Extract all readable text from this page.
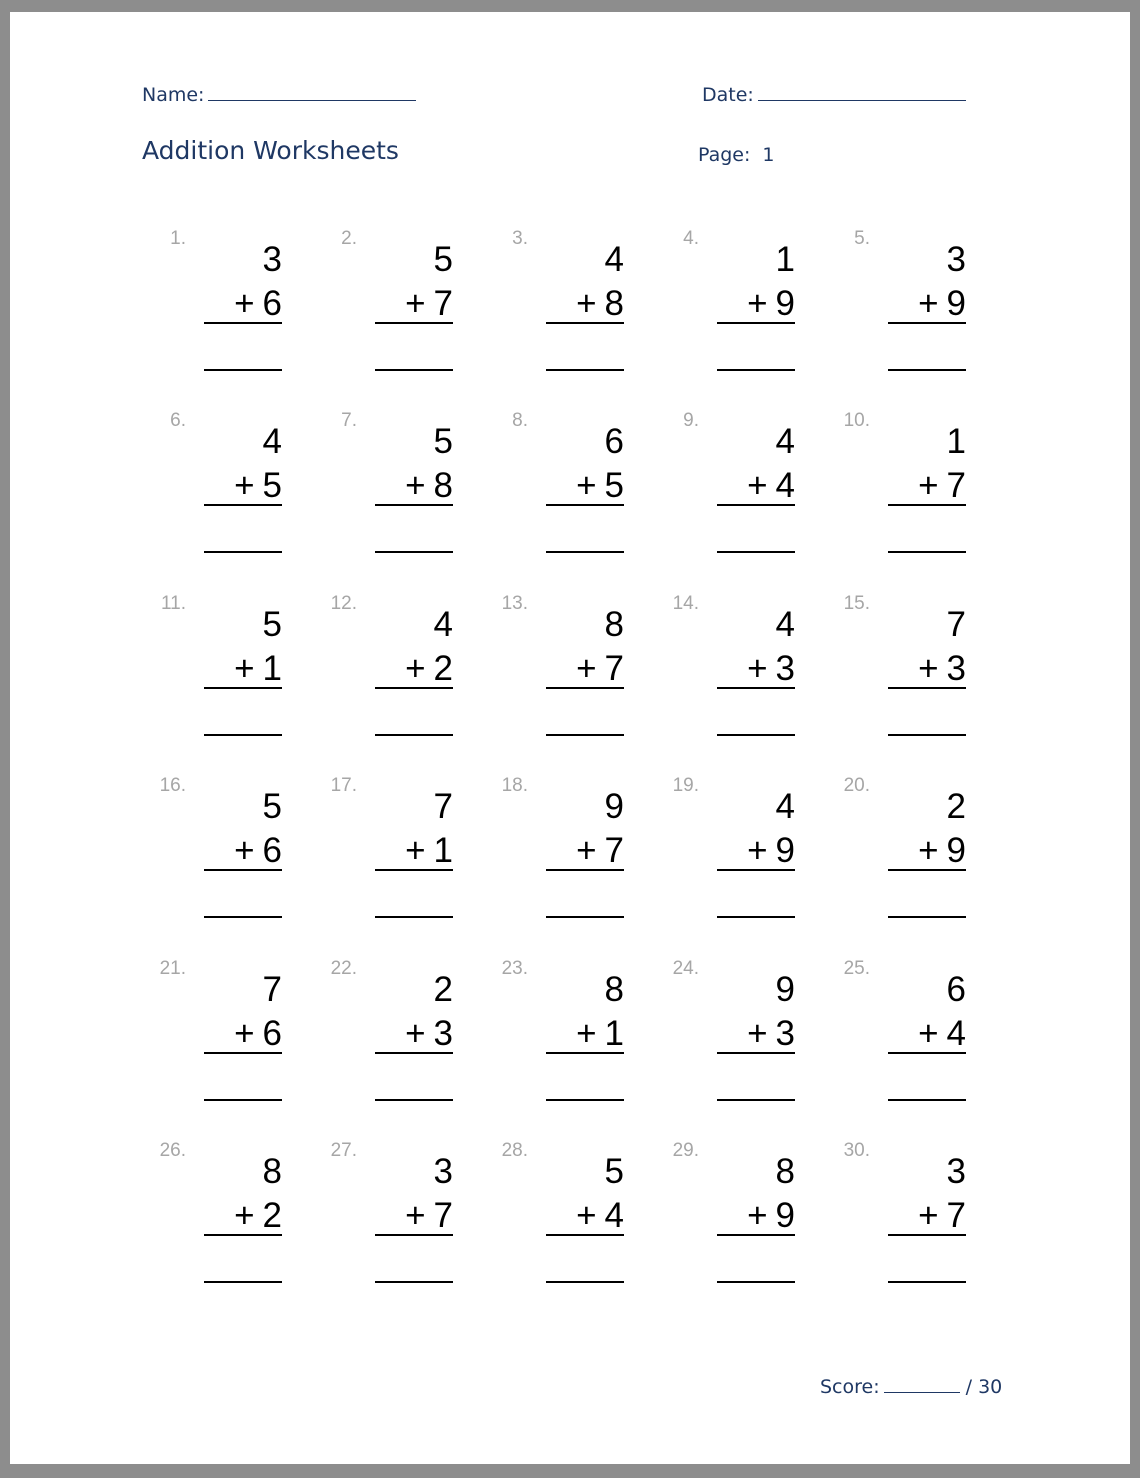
Name:	Date:
Addition Worksheets	Page: 1
1.
3
+ 6
2.
5
+ 7
3.
4
+ 8
4.
1
+ 9
5.
3
+ 9
6.
4
+ 5
7.
5
+ 8
8.
6
+ 5
9.
4
+ 4
10.
1
+ 7
11.
5
+ 1
12.
4
+ 2
13.
8
+ 7
14.
4
+ 3
15.
7
+ 3
16.
5
+ 6
17.
7
+ 1
18.
9
+ 7
19.
4
+ 9
20.
2
+ 9
21.
7
+ 6
22.
2
+ 3
23.
8
+ 1
24.
9
+ 3
25.
6
+ 4
26.
8
+ 2
27.
3
+ 7
28.
5
+ 4
29.
8
+ 9
30.
3
+ 7
Score:	/ 30
